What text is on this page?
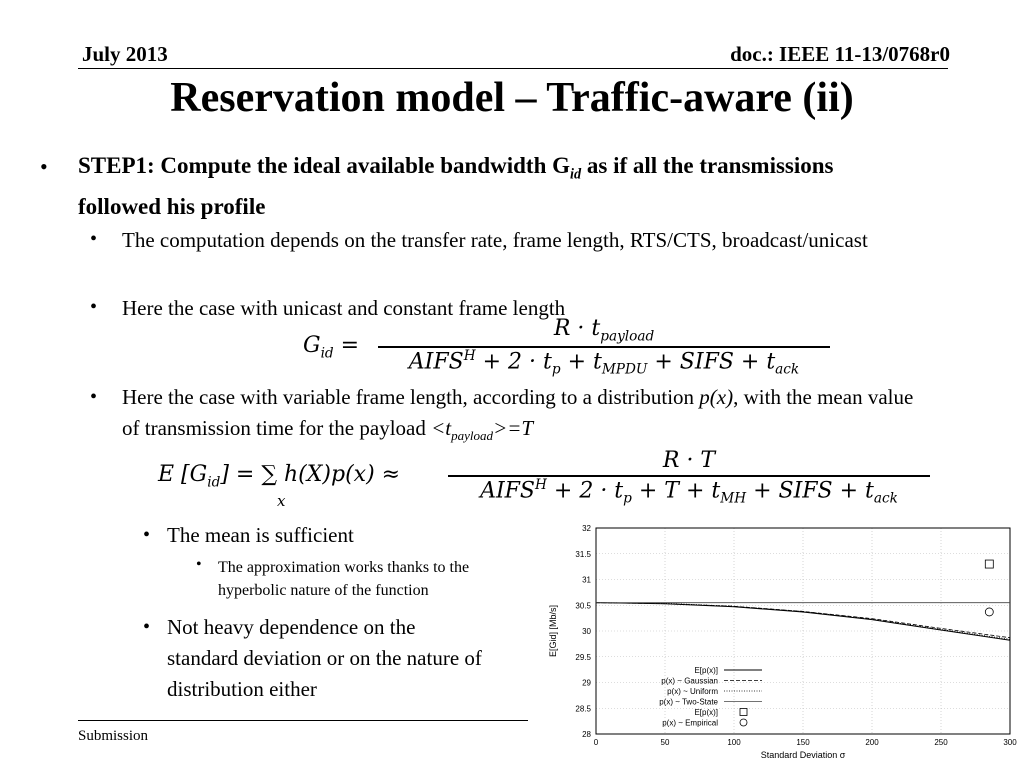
July 2013	doc.: IEEE 11-13/0768r0
Reservation model – Traffic-aware (ii)
• STEP1: Compute the ideal available bandwidth $G_{id}$ as if all the transmissions followed his profile
• The computation depends on the transfer rate, frame length, RTS/CTS, broadcast/unicast
• Here the case with unicast and constant frame length
$G_{id}$ =
$R \cdot t_{payload}$
$AIFS^H + 2 \cdot t_p + t_{MPDU}$ + SIFS + $t_{ack}$
• Here the case with variable frame length, according to a distribution p(x), with the mean value of transmission time for the payload $<t_{payload}>=T$
E $[G_{id}]$ = ∑ h(X)p(x) ≈
x
R · T
$AIFS^H + 2 \cdot t_p + T + t_{MH}$ + SIFS + $t_{ack}$
• The mean is sufficient
• The approximation works thanks to the hyperbolic nature of the function
• Not heavy dependence on the standard deviation or on the nature of distribution either
Submission	0	50	100	150	200	250	300
28
28.5
29
29.5
30
30.5
31
31.5
32
E[p(x)]
p(x) ~ Gaussian
p(x) ~ Uniform
p(x) ~ Two-State
E[p(x)]
p(x) ~ Empirical
Standard Deviation σ
E[Gid] [Mb/s]
